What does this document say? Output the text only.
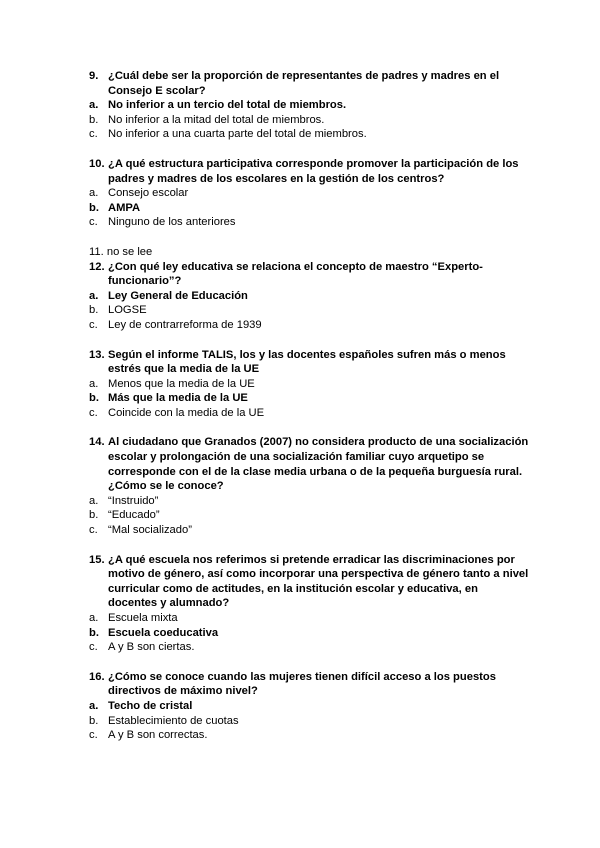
9. ¿Cuál debe ser la proporción de representantes de padres y madres en el Consejo E scolar?
a. No inferior a un tercio del total de miembros.
b. No inferior a la mitad del total de miembros.
c. No inferior a una cuarta parte del total de miembros.
10. ¿A qué estructura participativa corresponde promover la participación de los padres y madres de los escolares en la gestión de los centros?
a. Consejo escolar
b. AMPA
c. Ninguno de los anteriores
11. no se lee
12. ¿Con qué ley educativa se relaciona el concepto de maestro “Experto-funcionario”?
a. Ley General de Educación
b. LOGSE
c. Ley de contrarreforma de 1939
13. Según el informe TALIS, los y las docentes españoles sufren más o menos estrés que la media de la UE
a. Menos que la media de la UE
b. Más que la media de la UE
c. Coincide con la media de la UE
14. Al ciudadano que Granados (2007) no considera producto de una socialización escolar y prolongación de una socialización familiar cuyo arquetipo se corresponde con el de la clase media urbana o de la pequeña burguesía rural.¿Cómo se le conoce?
a. “Instruido”
b. “Educado”
c. “Mal socializado”
15. ¿A qué escuela nos referimos si pretende erradicar las discriminaciones por motivo de género, así como incorporar una perspectiva de género tanto a nivel curricular como de actitudes, en la institución escolar y educativa, en docentes y alumnado?
a. Escuela mixta
b. Escuela coeducativa
c. A y B son ciertas.
16. ¿Cómo se conoce cuando las mujeres tienen difícil acceso a los puestos directivos de máximo nivel?
a. Techo de cristal
b. Establecimiento de cuotas
c. A y B son correctas.
